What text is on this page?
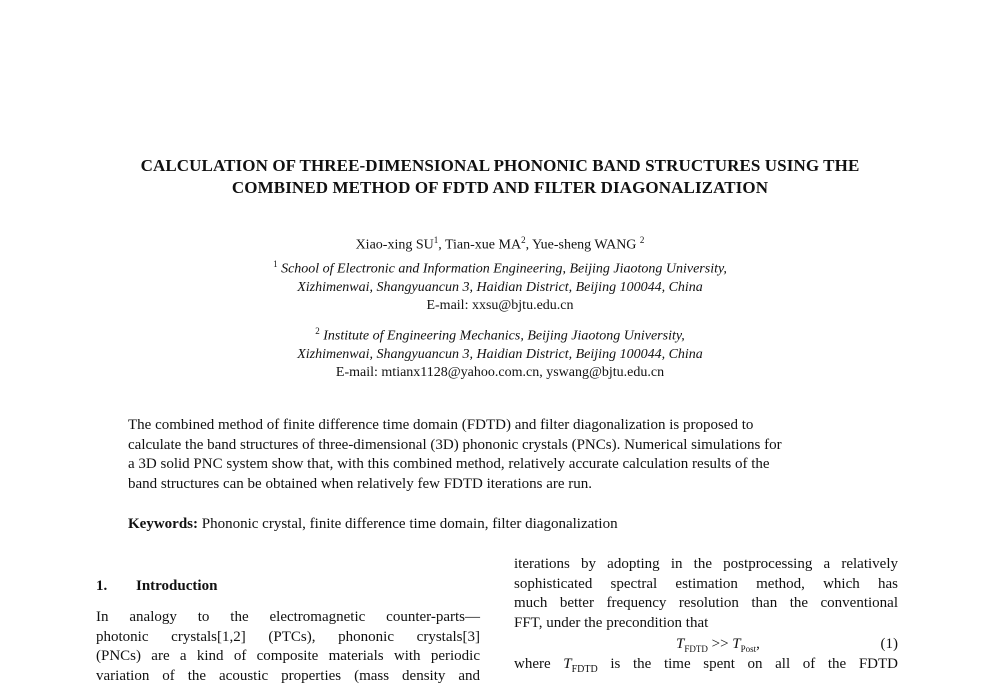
CALCULATION OF THREE-DIMENSIONAL PHONONIC BAND STRUCTURES USING THE
COMBINED METHOD OF FDTD AND FILTER DIAGONALIZATION
Xiao-xing $SU^1$, Tian-xue $MA^2$, Yue-sheng WANG $^2$
$^1$ School of Electronic and Information Engineering, Beijing Jiaotong University,
Xizhimenwai, Shangyuancun 3, Haidian District, Beijing 100044, China
E-mail: xxsu@bjtu.edu.cn
$^2$ Institute of Engineering Mechanics, Beijing Jiaotong University,
Xizhimenwai, Shangyuancun 3, Haidian District, Beijing 100044, China
E-mail: mtianx1128@yahoo.com.cn, yswang@bjtu.edu.cn
The combined method of finite difference time domain (FDTD) and filter diagonalization is proposed to
calculate the band structures of three-dimensional (3D) phononic crystals (PNCs). Numerical simulations for
a 3D solid PNC system show that, with this combined method, relatively accurate calculation results of the
band structures can be obtained when relatively few FDTD iterations are run.
Keywords: Phononic crystal, finite difference time domain, filter diagonalization
1. Introduction
In analogy to the electromagnetic counter-parts—
photonic crystals[1,2] (PTCs), phononic crystals[3]
(PNCs) are a kind of composite materials with periodic
variation of the acoustic properties (mass density and
iterations by adopting in the postprocessing a relatively
sophisticated spectral estimation method, which has
much better frequency resolution than the conventional
FFT, under the precondition that
$T_{FDTD} >> T_{Post}$,	(1)
where $T_{FDTD}$ is the time spent on all of the FDTD
